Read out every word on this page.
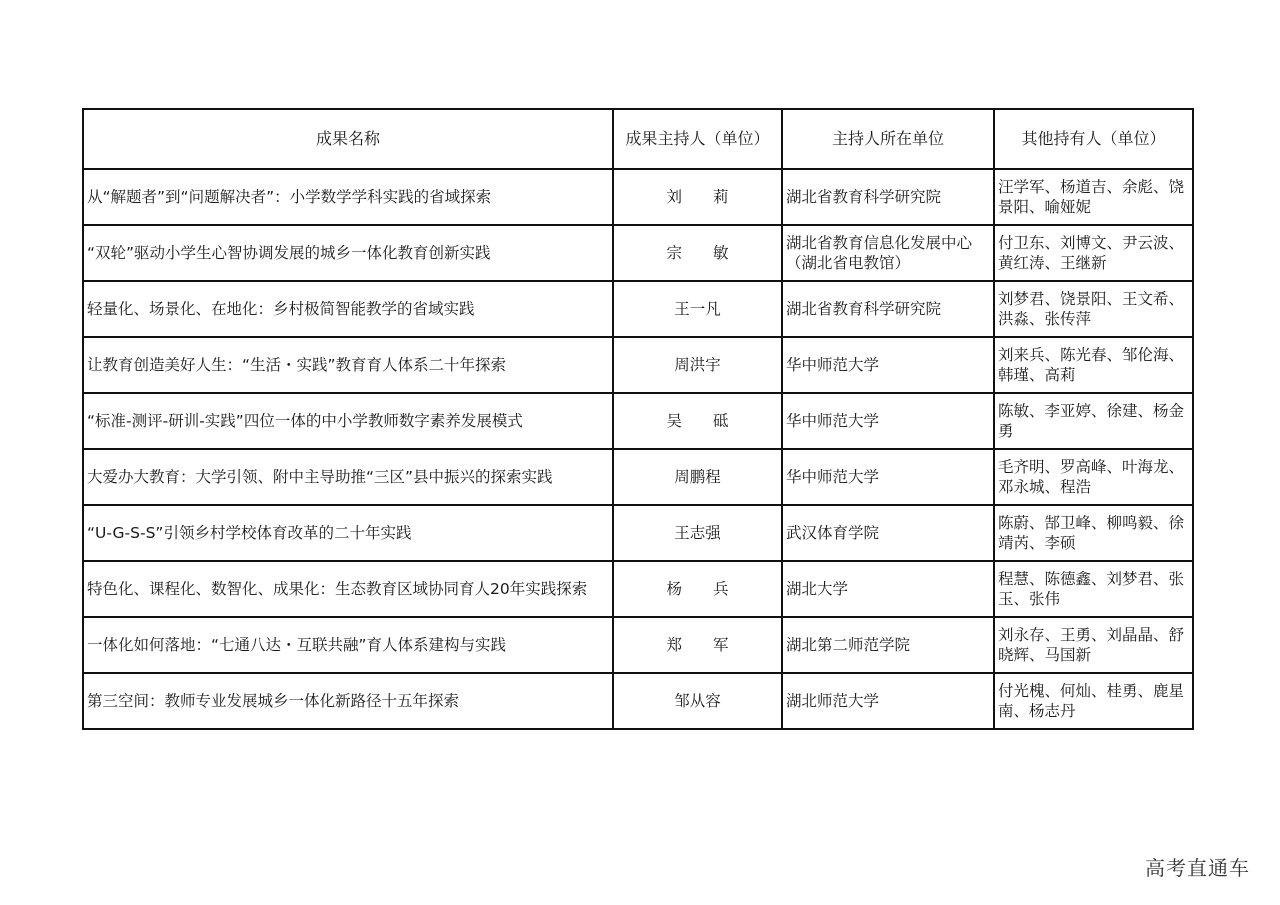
成果名称	成果主持人（单位）	主持人所在单位	其他持有人（单位）
从“解题者”到“问题解决者”：小学数学学科实践的省域探索	刘　　莉	湖北省教育科学研究院	汪学军、杨道吉、余彪、饶景阳、喻娅妮
“双轮”驱动小学生心智协调发展的城乡一体化教育创新实践	宗　　敏	湖北省教育信息化发展中心（湖北省电教馆）	付卫东、刘博文、尹云波、黄红涛、王继新
轻量化、场景化、在地化：乡村极简智能教学的省域实践	王一凡	湖北省教育科学研究院	刘梦君、饶景阳、王文希、洪淼、张传萍
让教育创造美好人生：“生活・实践”教育育人体系二十年探索	周洪宇	华中师范大学	刘来兵、陈光春、邹伦海、韩瑾、高莉
“标准-测评-研训-实践”四位一体的中小学教师数字素养发展模式	吴　　砥	华中师范大学	陈敏、李亚婷、徐建、杨金勇
大爱办大教育：大学引领、附中主导助推“三区”县中振兴的探索实践	周鹏程	华中师范大学	毛齐明、罗高峰、叶海龙、邓永城、程浩
“U-G-S-S”引领乡村学校体育改革的二十年实践	王志强	武汉体育学院	陈蔚、郜卫峰、柳鸣毅、徐靖芮、李硕
特色化、课程化、数智化、成果化：生态教育区域协同育人20年实践探索	杨　　兵	湖北大学	程慧、陈德鑫、刘梦君、张玉、张伟
一体化如何落地：“七通八达・互联共融”育人体系建构与实践	郑　　军	湖北第二师范学院	刘永存、王勇、刘晶晶、舒晓辉、马国新
第三空间：教师专业发展城乡一体化新路径十五年探索	邹从容	湖北师范大学	付光槐、何灿、桂勇、鹿星南、杨志丹
高考直通车
